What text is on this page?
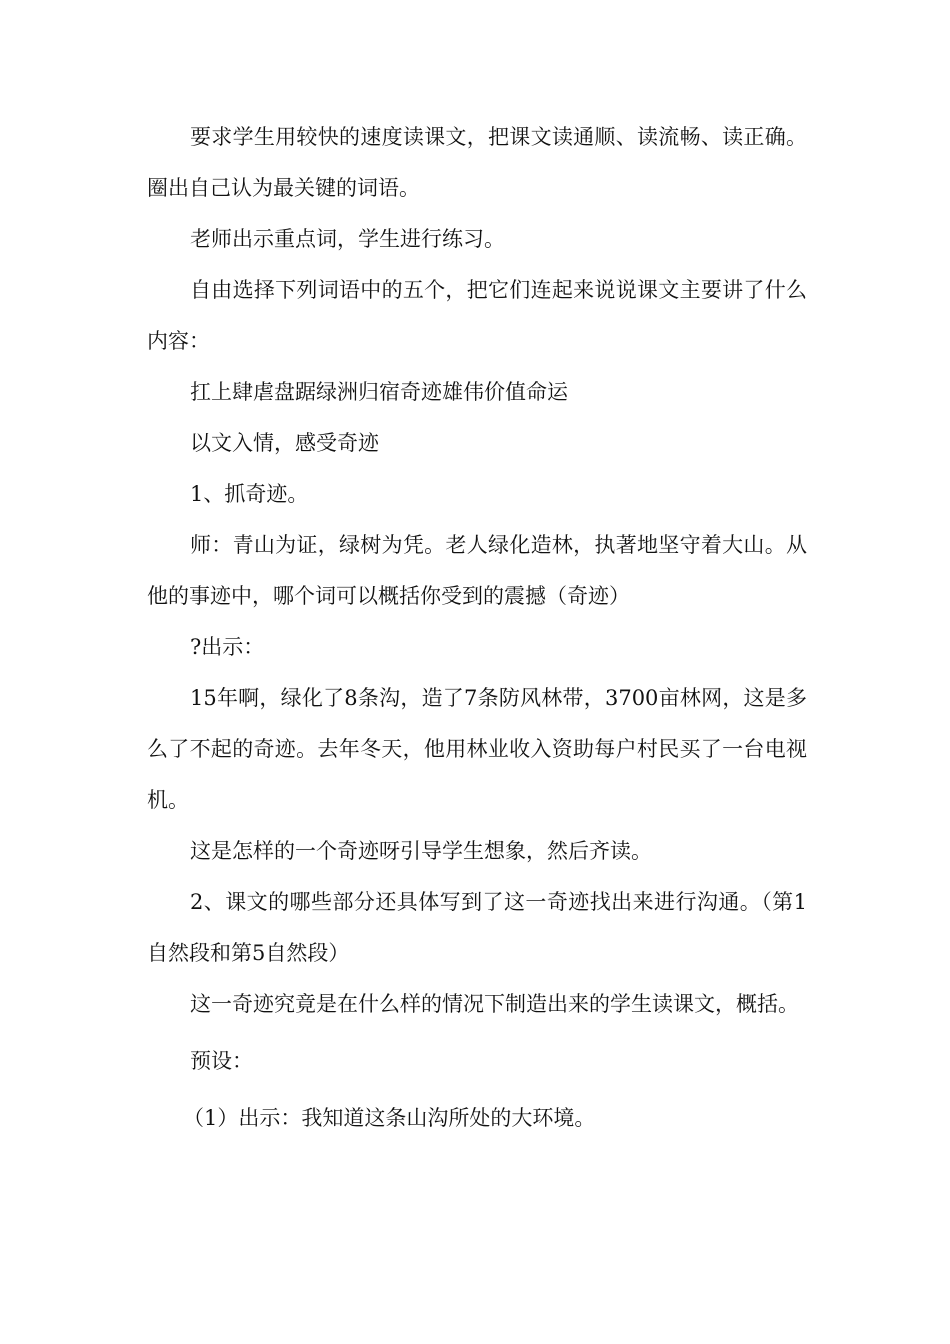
要求学生用较快的速度读课文，把课文读通顺、读流畅、读正确。圈出自己认为最关键的词语。

老师出示重点词，学生进行练习。

自由选择下列词语中的五个，把它们连起来说说课文主要讲了什么内容：

扛上肆虐盘踞绿洲归宿奇迹雄伟价值命运

以文入情，感受奇迹

1、抓奇迹。

师：青山为证，绿树为凭。老人绿化造林，执著地坚守着大山。从他的事迹中，哪个词可以概括你受到的震撼（奇迹）

?出示：

15年啊，绿化了8条沟，造了7条防风林带，3700亩林网，这是多么了不起的奇迹。去年冬天，他用林业收入资助每户村民买了一台电视机。

这是怎样的一个奇迹呀引导学生想象，然后齐读。

2、课文的哪些部分还具体写到了这一奇迹找出来进行沟通。（第1自然段和第5自然段）

这一奇迹究竟是在什么样的情况下制造出来的学生读课文，概括。

预设：

（1）出示：我知道这条山沟所处的大环境。
